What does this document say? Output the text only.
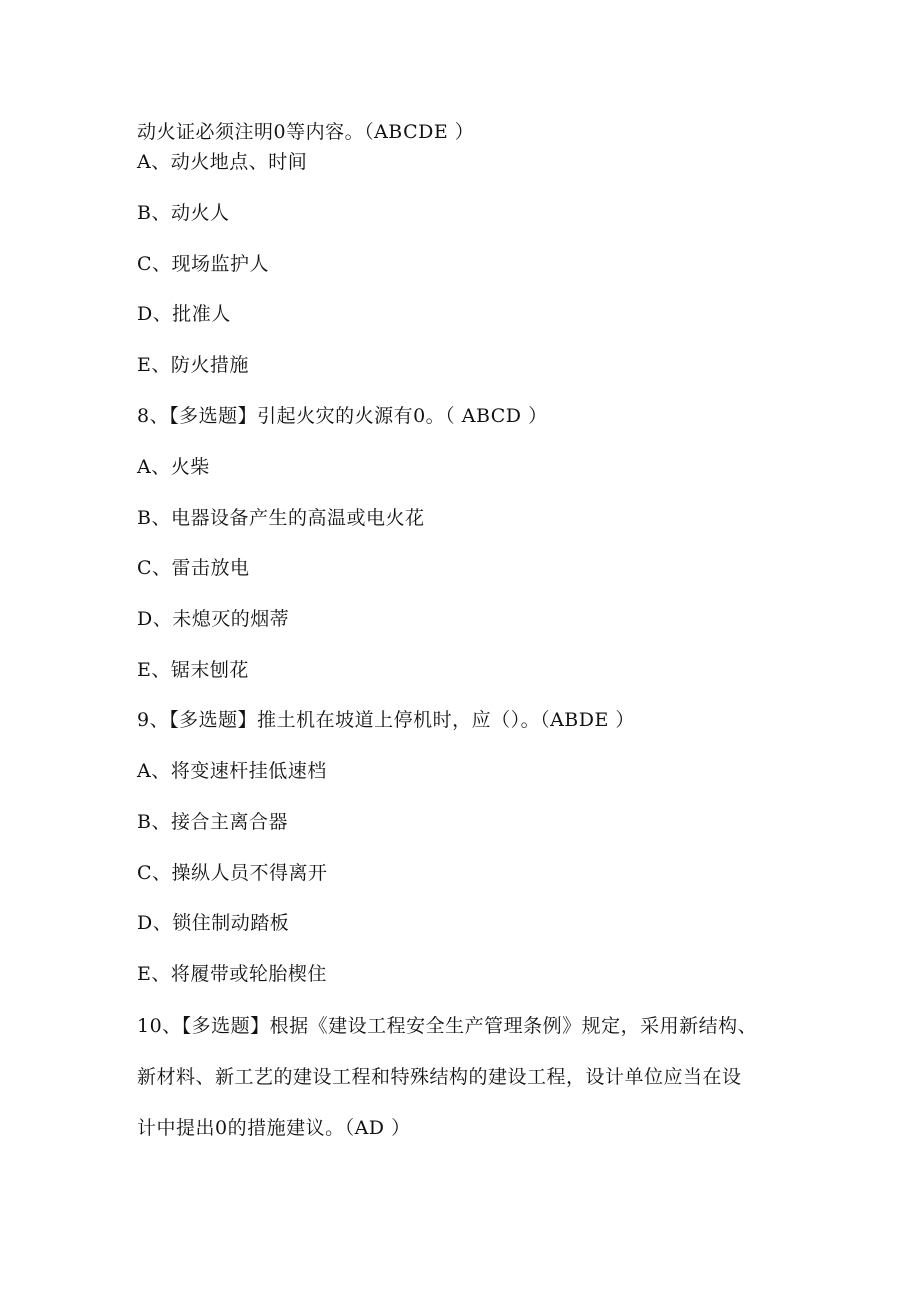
动火证必须注明0等内容。（ABCDE ）
A、动火地点、时间
B、动火人
C、现场监护人
D、批准人
E、防火措施
8、【多选题】引起火灾的火源有0。（ ABCD ）
A、火柴
B、电器设备产生的高温或电火花
C、雷击放电
D、未熄灭的烟蒂
E、锯末刨花
9、【多选题】推土机在坡道上停机时，应（）。（ABDE ）
A、将变速杆挂低速档
B、接合主离合器
C、操纵人员不得离开
D、锁住制动踏板
E、将履带或轮胎楔住
10、【多选题】根据《建设工程安全生产管理条例》规定，采用新结构、
新材料、新工艺的建设工程和特殊结构的建设工程，设计单位应当在设
计中提出0的措施建议。（AD ）
